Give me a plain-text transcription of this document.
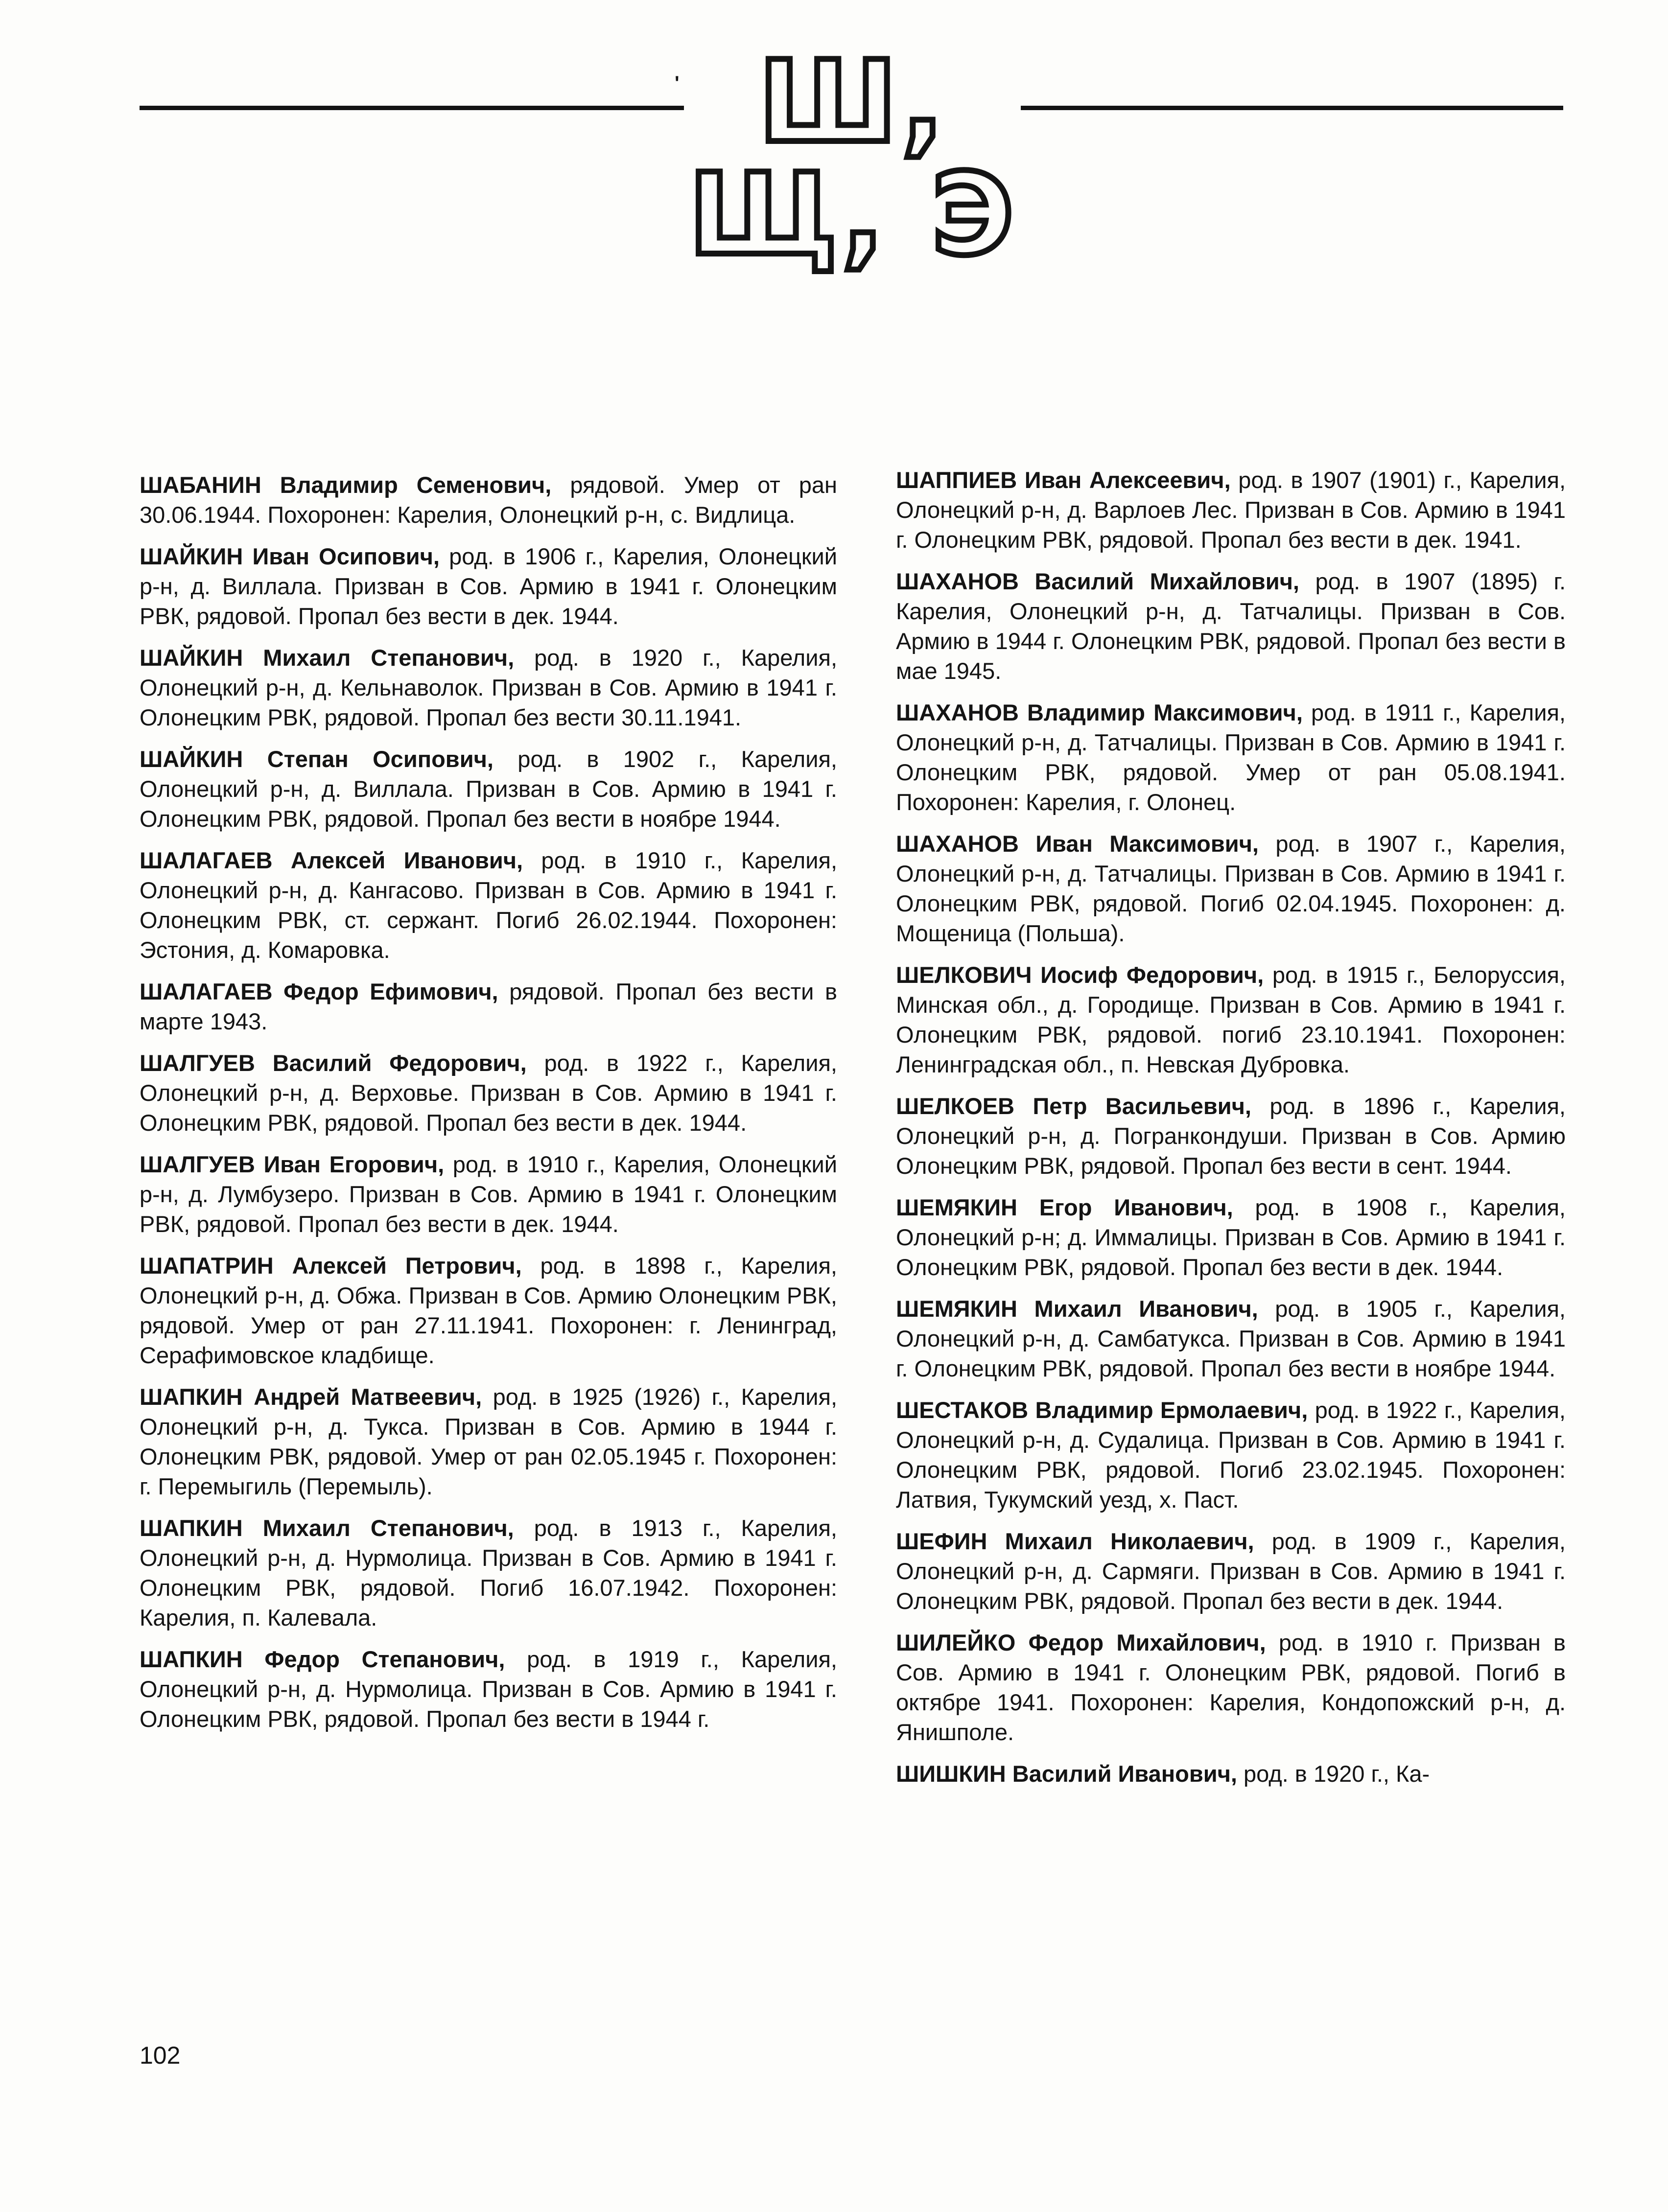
' Ш, Щ, Э

ШАБАНИН Владимир Семенович, рядовой. Умер от ран 30.06.1944. Похоронен: Карелия, Олонецкий р-н, с. Видлица.

ШАЙКИН Иван Осипович, род. в 1906 г., Карелия, Олонецкий р-н, д. Виллала. Призван в Сов. Армию в 1941 г. Олонецким РВК, рядовой. Пропал без вести в дек. 1944.

ШАЙКИН Михаил Степанович, род. в 1920 г., Карелия, Олонецкий р-н, д. Кельнаволок. Призван в Сов. Армию в 1941 г. Олонецким РВК, рядовой. Пропал без вести 30.11.1941.

ШАЙКИН Степан Осипович, род. в 1902 г., Карелия, Олонецкий р-н, д. Виллала. Призван в Сов. Армию в 1941 г. Олонецким РВК, рядовой. Пропал без вести в ноябре 1944.

ШАЛАГАЕВ Алексей Иванович, род. в 1910 г., Карелия, Олонецкий р-н, д. Кангасово. Призван в Сов. Армию в 1941 г. Олонецким РВК, ст. сержант. Погиб 26.02.1944. Похоронен: Эстония, д. Комаровка.

ШАЛАГАЕВ Федор Ефимович, рядовой. Пропал без вести в марте 1943.

ШАЛГУЕВ Василий Федорович, род. в 1922 г., Карелия, Олонецкий р-н, д. Верховье. Призван в Сов. Армию в 1941 г. Олонецким РВК, рядовой. Пропал без вести в дек. 1944.

ШАЛГУЕВ Иван Егорович, род. в 1910 г., Карелия, Олонецкий р-н, д. Лумбузеро. Призван в Сов. Армию в 1941 г. Олонецким РВК, рядовой. Пропал без вести в дек. 1944.

ШАПАТРИН Алексей Петрович, род. в 1898 г., Карелия, Олонецкий р-н, д. Обжа. Призван в Сов. Армию Олонецким РВК, рядовой. Умер от ран 27.11.1941. Похоронен: г. Ленинград, Серафимовское кладбище.

ШАПКИН Андрей Матвеевич, род. в 1925 (1926) г., Карелия, Олонецкий р-н, д. Тукса. Призван в Сов. Армию в 1944 г. Олонецким РВК, рядовой. Умер от ран 02.05.1945 г. Похоронен: г. Перемыгиль (Перемыль).

ШАПКИН Михаил Степанович, род. в 1913 г., Карелия, Олонецкий р-н, д. Нурмолица. Призван в Сов. Армию в 1941 г. Олонецким РВК, рядовой. Погиб 16.07.1942. Похоронен: Карелия, п. Калевала.

ШАПКИН Федор Степанович, род. в 1919 г., Карелия, Олонецкий р-н, д. Нурмолица. Призван в Сов. Армию в 1941 г. Олонецким РВК, рядовой. Пропал без вести в 1944 г.

ШАППИЕВ Иван Алексеевич, род. в 1907 (1901) г., Карелия, Олонецкий р-н, д. Варлоев Лес. Призван в Сов. Армию в 1941 г. Олонецким РВК, рядовой. Пропал без вести в дек. 1941.

ШАХАНОВ Василий Михайлович, род. в 1907 (1895) г. Карелия, Олонецкий р-н, д. Татчалицы. Призван в Сов. Армию в 1944 г. Олонецким РВК, рядовой. Пропал без вести в мае 1945.

ШАХАНОВ Владимир Максимович, род. в 1911 г., Карелия, Олонецкий р-н, д. Татчалицы. Призван в Сов. Армию в 1941 г. Олонецким РВК, рядовой. Умер от ран 05.08.1941. Похоронен: Карелия, г. Олонец.

ШАХАНОВ Иван Максимович, род. в 1907 г., Карелия, Олонецкий р-н, д. Татчалицы. Призван в Сов. Армию в 1941 г. Олонецким РВК, рядовой. Погиб 02.04.1945. Похоронен: д. Мощеница (Польша).

ШЕЛКОВИЧ Иосиф Федорович, род. в 1915 г., Белоруссия, Минская обл., д. Городище. Призван в Сов. Армию в 1941 г. Олонецким РВК, рядовой. погиб 23.10.1941. Похоронен: Ленинградская обл., п. Невская Дубровка.

ШЕЛКОЕВ Петр Васильевич, род. в 1896 г., Карелия, Олонецкий р-н, д. Погранкондуши. Призван в Сов. Армию Олонецким РВК, рядовой. Пропал без вести в сент. 1944.

ШЕМЯКИН Егор Иванович, род. в 1908 г., Карелия, Олонецкий р-н; д. Иммалицы. Призван в Сов. Армию в 1941 г. Олонецким РВК, рядовой. Пропал без вести в дек. 1944.

ШЕМЯКИН Михаил Иванович, род. в 1905 г., Карелия, Олонецкий р-н, д. Самбатукса. Призван в Сов. Армию в 1941 г. Олонецким РВК, рядовой. Пропал без вести в ноябре 1944.

ШЕСТАКОВ Владимир Ермолаевич, род. в 1922 г., Карелия, Олонецкий р-н, д. Судалица. Призван в Сов. Армию в 1941 г. Олонецким РВК, рядовой. Погиб 23.02.1945. Похоронен: Латвия, Тукумский уезд, х. Паст.

ШЕФИН Михаил Николаевич, род. в 1909 г., Карелия, Олонецкий р-н, д. Сармяги. Призван в Сов. Армию в 1941 г. Олонецким РВК, рядовой. Пропал без вести в дек. 1944.

ШИЛЕЙКО Федор Михайлович, род. в 1910 г. Призван в Сов. Армию в 1941 г. Олонецким РВК, рядовой. Погиб в октябре 1941. Похоронен: Карелия, Кондопожский р-н, д. Янишполе.

ШИШКИН Василий Иванович, род. в 1920 г., Ка-

102
